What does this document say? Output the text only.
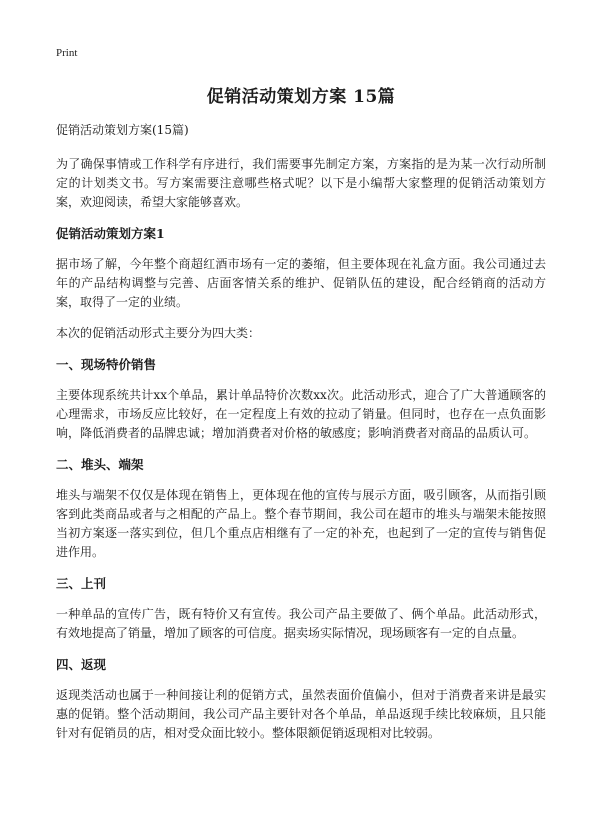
Print
促销活动策划方案 15篇
促销活动策划方案(15篇)

为了确保事情或工作科学有序进行，我们需要事先制定方案，方案指的是为某一次行动所制定的计划类文书。写方案需要注意哪些格式呢？以下是小编帮大家整理的促销活动策划方案，欢迎阅读，希望大家能够喜欢。

促销活动策划方案1

据市场了解，今年整个商超红酒市场有一定的萎缩，但主要体现在礼盒方面。我公司通过去年的产品结构调整与完善、店面客情关系的维护、促销队伍的建设，配合经销商的活动方案，取得了一定的业绩。

本次的促销活动形式主要分为四大类：

一、现场特价销售

主要体现系统共计xx个单品，累计单品特价次数xx次。此活动形式，迎合了广大普通顾客的心理需求，市场反应比较好，在一定程度上有效的拉动了销量。但同时，也存在一点负面影响，降低消费者的品牌忠诚；增加消费者对价格的敏感度；影响消费者对商品的品质认可。

二、堆头、端架

堆头与端架不仅仅是体现在销售上，更体现在他的宣传与展示方面，吸引顾客，从而指引顾客到此类商品或者与之相配的产品上。整个春节期间，我公司在超市的堆头与端架未能按照当初方案逐一落实到位，但几个重点店相继有了一定的补充，也起到了一定的宣传与销售促进作用。

三、上刊

一种单品的宣传广告，既有特价又有宣传。我公司产品主要做了、俩个单品。此活动形式，有效地提高了销量，增加了顾客的可信度。据卖场实际情况，现场顾客有一定的自点量。

四、返现

返现类活动也属于一种间接让利的促销方式，虽然表面价值偏小，但对于消费者来讲是最实惠的促销。整个活动期间，我公司产品主要针对各个单品，单品返现手续比较麻烦，且只能针对有促销员的店，相对受众面比较小。整体限额促销返现相对比较弱。
